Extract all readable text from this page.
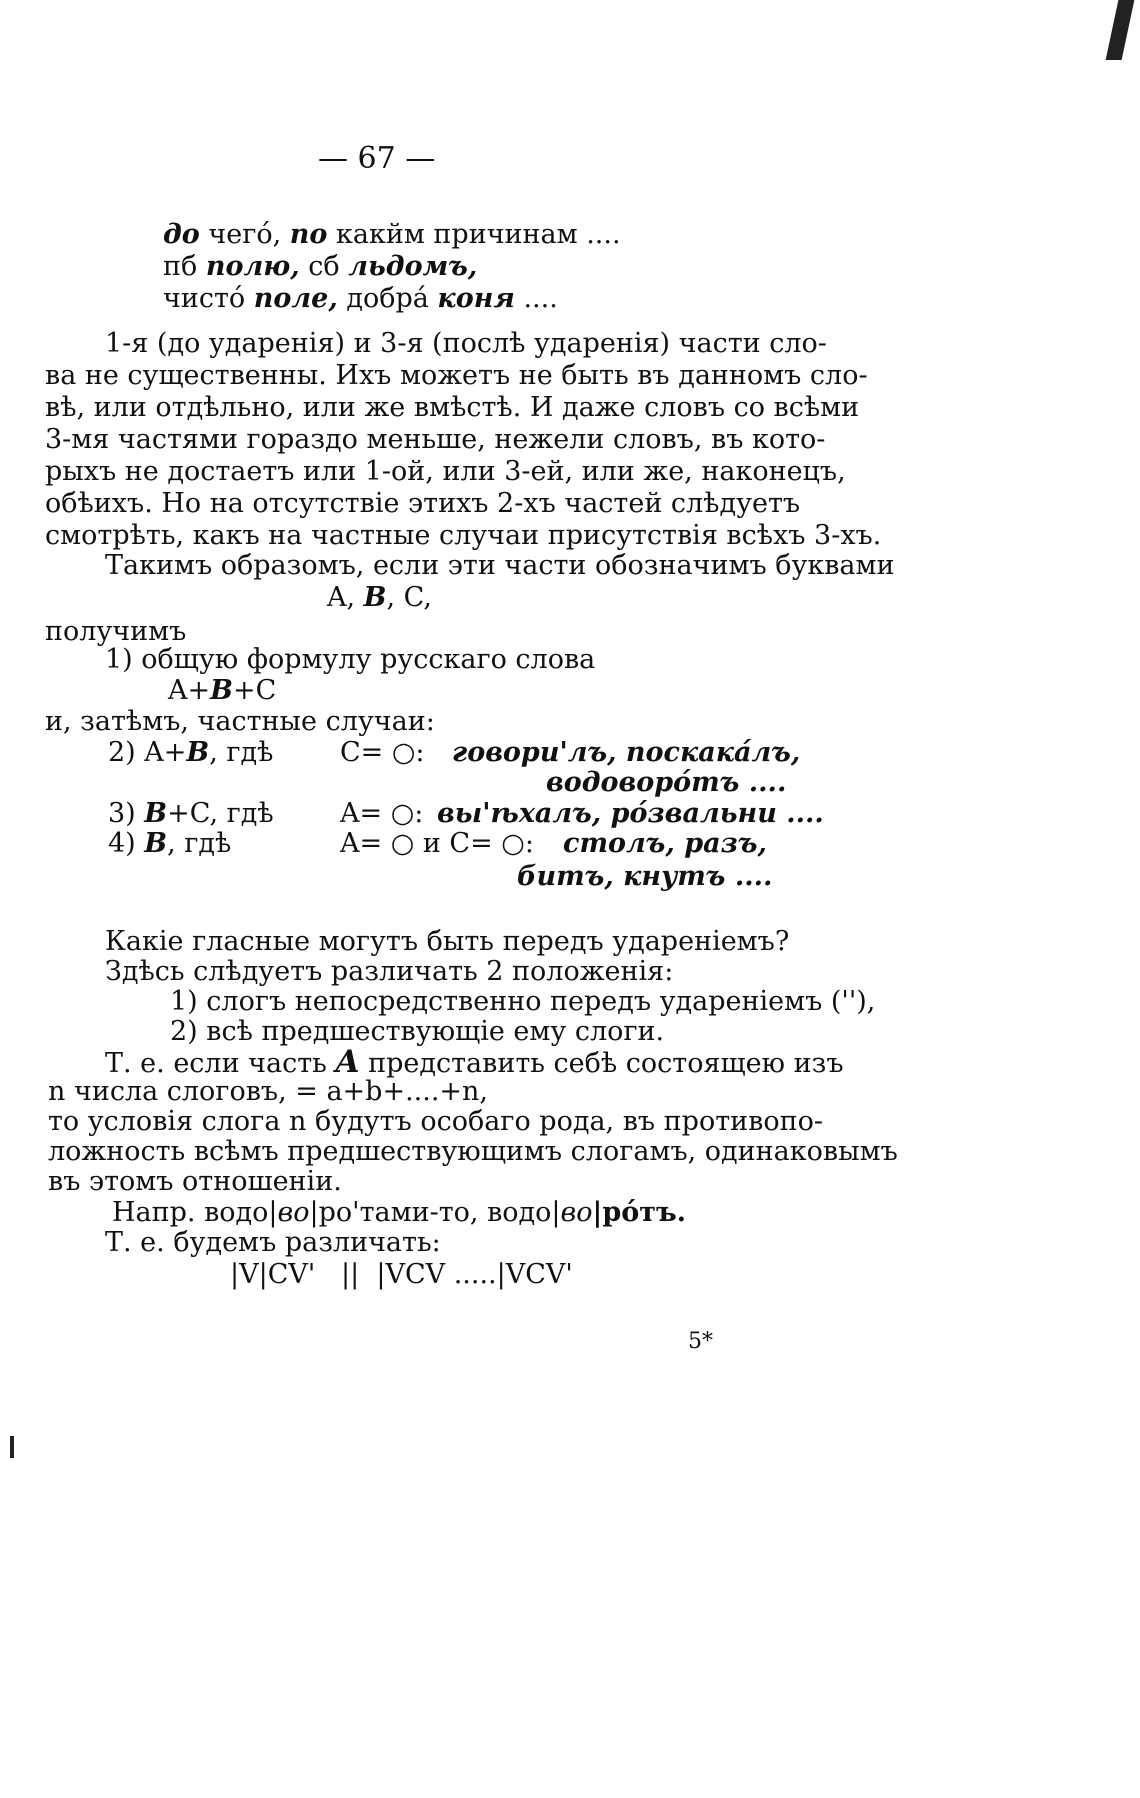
— 67 —
до чего́, по какйм причинам ....
пб полю, сб льдомъ,
чисто́ поле, добрá коня ....
1-я (до ударенія) и 3-я (послѣ ударенія) части сло-
ва не существенны. Ихъ можетъ не быть въ данномъ сло-
вѣ, или отдѣльно, или же вмѣстѣ. И даже словъ со всѣми
3-мя частями гораздо меньше, нежели словъ, въ кото-
рыхъ не достаетъ или 1-ой, или 3-ей, или же, наконецъ,
обѣихъ. Но на отсутствіе этихъ 2-хъ частей слѣдуетъ
смотрѣть, какъ на частные случаи присутствія всѣхъ 3-хъ.
Такимъ образомъ, если эти части обозначимъ буквами
A, B, C,
получимъ
1) общую формулу русскаго слова
A+B+C
и, затѣмъ, частные случаи:
2) A+B, гдѣ C= ○: говори'лъ, поскака́лъ,
водоворо́тъ ....
3) B+C, гдѣ A= ○: вы'ѣхалъ, ро́звальни ....
4) B, гдѣ	A= ○ и C= ○: столъ, разъ,
битъ, кнутъ ....
Какіе гласные могутъ быть передъ удареніемъ?
Здѣсь слѣдуетъ различать 2 положенія:
1) слогъ непосредственно передъ удареніемъ (''),
2) всѣ предшествующіе ему слоги.
Т. е. если часть A представить себѣ состоящею изъ
n числа слоговъ, = a+b+....+n,
то условія слога n будутъ особаго рода, въ противопо-
ложность всѣмъ предшествующимъ слогамъ, одинаковымъ
въ этомъ отношеніи.
Напр. водо|во|ро'тами-то, водо|во|ро́тъ.
Т. е. будемъ различать:
|V|CV'   ||  |VCV .....|VCV'
5*
